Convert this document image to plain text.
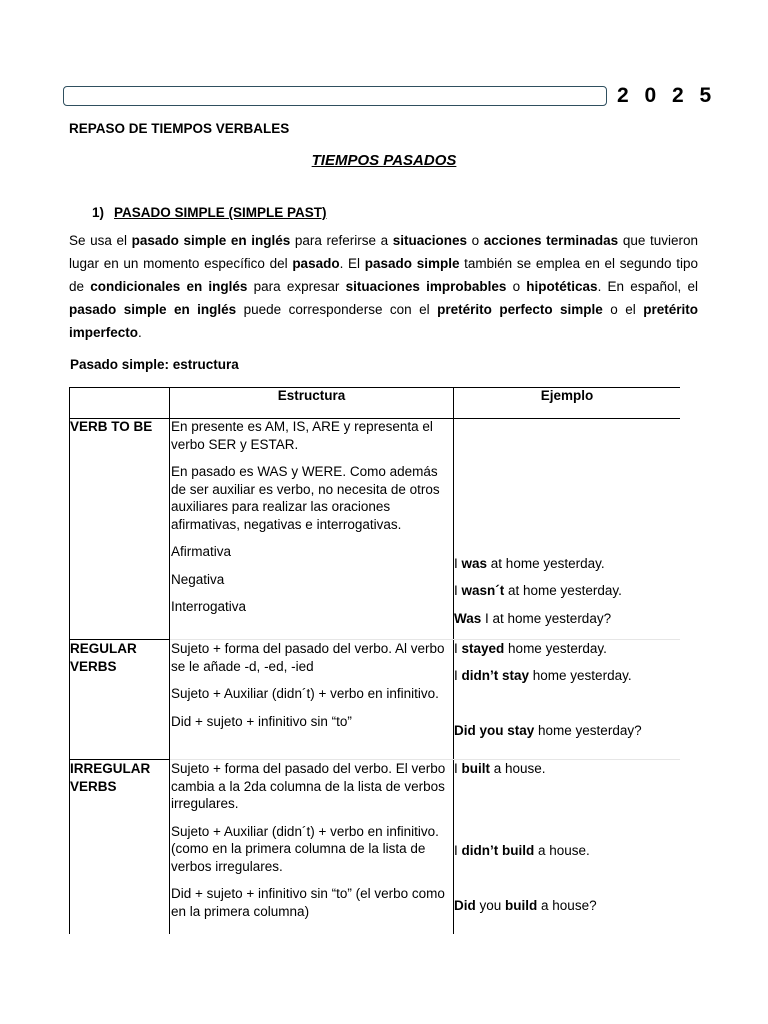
2 0 2 5
REPASO DE TIEMPOS VERBALES
TIEMPOS PASADOS
1) PASADO SIMPLE (SIMPLE PAST)
Se usa el pasado simple en inglés para referirse a situaciones o acciones terminadas que tuvieron lugar en un momento específico del pasado. El pasado simple también se emplea en el segundo tipo de condicionales en inglés para expresar situaciones improbables o hipotéticas. En español, el pasado simple en inglés puede corresponderse con el pretérito perfecto simple o el pretérito imperfecto.
Pasado simple: estructura
Estructura	Ejemplo
VERB TO BE En presente es AM, IS, ARE y representa el verbo SER y ESTAR.

En pasado es WAS y WERE. Como además de ser auxiliar es verbo, no necesita de otros auxiliares para realizar las oraciones afirmativas, negativas e interrogativas.

Afirmativa
Negativa
Interrogativa
I was at home yesterday.
I wasn´t at home yesterday.
Was I at home yesterday?
REGULAR
VERBS

Sujeto + forma del pasado del verbo. Al verbo se le añade -d, -ed, -ied

Sujeto + Auxiliar (didn´t) + verbo en infinitivo.

Did + sujeto + infinitivo sin “to”

I stayed home yesterday.
I didn’t stay home yesterday.
Did you stay home yesterday?
IRREGULAR
VERBS

Sujeto + forma del pasado del verbo. El verbo cambia a la 2da columna de la lista de verbos irregulares.

Sujeto + Auxiliar (didn´t) + verbo en infinitivo. (como en la primera columna de la lista de verbos irregulares.

Did + sujeto + infinitivo sin “to” (el verbo como en la primera columna)

I built a house.
I didn’t build a house.
Did you build a house?
